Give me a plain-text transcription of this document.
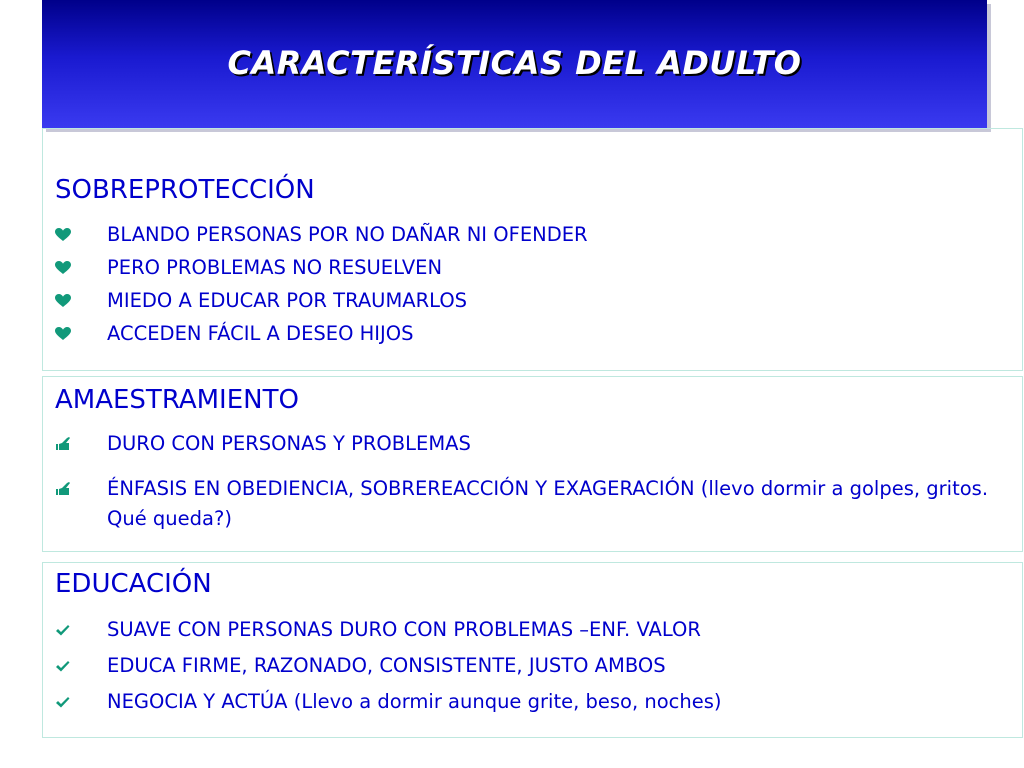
CARACTERÍSTICAS DEL ADULTO
SOBREPROTECCIÓN
BLANDO PERSONAS POR NO DAÑAR NI OFENDER
PERO PROBLEMAS NO RESUELVEN
MIEDO A EDUCAR POR TRAUMARLOS
ACCEDEN FÁCIL A DESEO HIJOS
AMAESTRAMIENTO
DURO CON PERSONAS Y PROBLEMAS
ÉNFASIS EN OBEDIENCIA, SOBREREACCIÓN Y EXAGERACIÓN (llevo dormir a golpes, gritos. Qué queda?)
EDUCACIÓN
SUAVE CON PERSONAS DURO CON PROBLEMAS –ENF. VALOR
EDUCA FIRME, RAZONADO, CONSISTENTE, JUSTO AMBOS
NEGOCIA Y ACTÚA (Llevo a dormir aunque grite, beso, noches)
